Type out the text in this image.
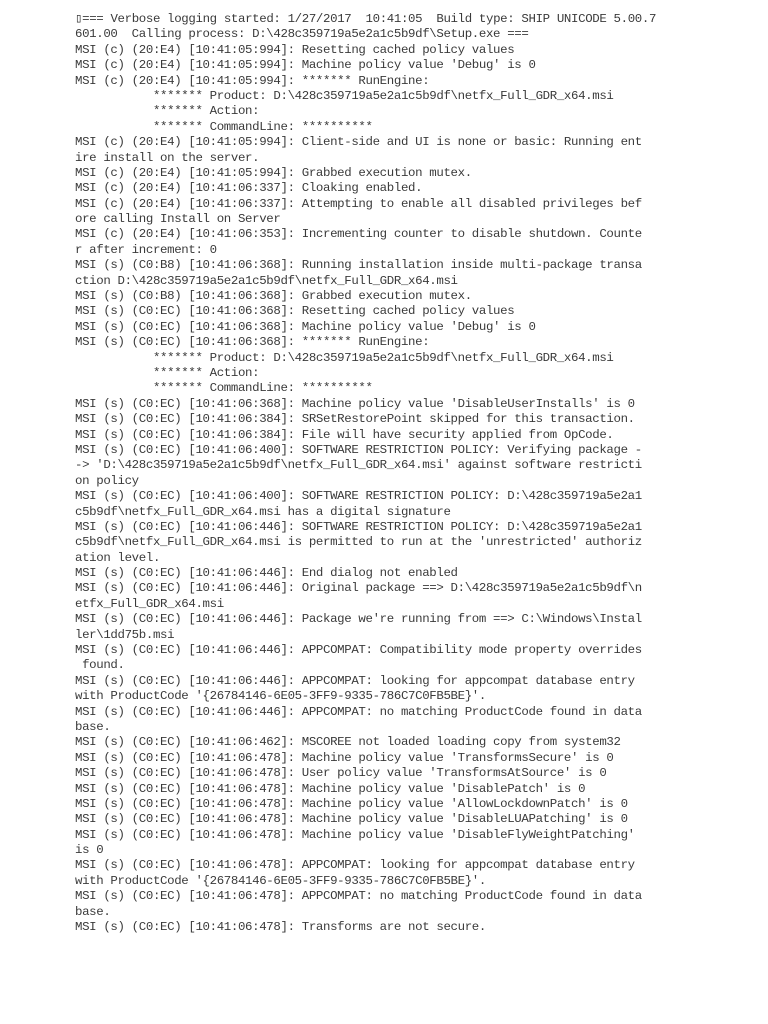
▯=== Verbose logging started: 1/27/2017  10:41:05  Build type: SHIP UNICODE 5.00.7
601.00  Calling process: D:\428c359719a5e2a1c5b9df\Setup.exe ===
MSI (c) (20:E4) [10:41:05:994]: Resetting cached policy values
MSI (c) (20:E4) [10:41:05:994]: Machine policy value 'Debug' is 0
MSI (c) (20:E4) [10:41:05:994]: ******* RunEngine:
******* Product: D:\428c359719a5e2a1c5b9df\netfx_Full_GDR_x64.msi
******* Action:
******* CommandLine: **********
MSI (c) (20:E4) [10:41:05:994]: Client-side and UI is none or basic: Running ent
ire install on the server.
MSI (c) (20:E4) [10:41:05:994]: Grabbed execution mutex.
MSI (c) (20:E4) [10:41:06:337]: Cloaking enabled.
MSI (c) (20:E4) [10:41:06:337]: Attempting to enable all disabled privileges bef
ore calling Install on Server
MSI (c) (20:E4) [10:41:06:353]: Incrementing counter to disable shutdown. Counte
r after increment: 0
MSI (s) (C0:B8) [10:41:06:368]: Running installation inside multi-package transa
ction D:\428c359719a5e2a1c5b9df\netfx_Full_GDR_x64.msi
MSI (s) (C0:B8) [10:41:06:368]: Grabbed execution mutex.
MSI (s) (C0:EC) [10:41:06:368]: Resetting cached policy values
MSI (s) (C0:EC) [10:41:06:368]: Machine policy value 'Debug' is 0
MSI (s) (C0:EC) [10:41:06:368]: ******* RunEngine:
******* Product: D:\428c359719a5e2a1c5b9df\netfx_Full_GDR_x64.msi
******* Action:
******* CommandLine: **********
MSI (s) (C0:EC) [10:41:06:368]: Machine policy value 'DisableUserInstalls' is 0
MSI (s) (C0:EC) [10:41:06:384]: SRSetRestorePoint skipped for this transaction.
MSI (s) (C0:EC) [10:41:06:384]: File will have security applied from OpCode.
MSI (s) (C0:EC) [10:41:06:400]: SOFTWARE RESTRICTION POLICY: Verifying package -
-> 'D:\428c359719a5e2a1c5b9df\netfx_Full_GDR_x64.msi' against software restricti
on policy
MSI (s) (C0:EC) [10:41:06:400]: SOFTWARE RESTRICTION POLICY: D:\428c359719a5e2a1
c5b9df\netfx_Full_GDR_x64.msi has a digital signature
MSI (s) (C0:EC) [10:41:06:446]: SOFTWARE RESTRICTION POLICY: D:\428c359719a5e2a1
c5b9df\netfx_Full_GDR_x64.msi is permitted to run at the 'unrestricted' authoriz
ation level.
MSI (s) (C0:EC) [10:41:06:446]: End dialog not enabled
MSI (s) (C0:EC) [10:41:06:446]: Original package ==> D:\428c359719a5e2a1c5b9df\n
etfx_Full_GDR_x64.msi
MSI (s) (C0:EC) [10:41:06:446]: Package we're running from ==> C:\Windows\Instal
ler\1dd75b.msi
MSI (s) (C0:EC) [10:41:06:446]: APPCOMPAT: Compatibility mode property overrides
found.
MSI (s) (C0:EC) [10:41:06:446]: APPCOMPAT: looking for appcompat database entry
with ProductCode '{26784146-6E05-3FF9-9335-786C7C0FB5BE}'.
MSI (s) (C0:EC) [10:41:06:446]: APPCOMPAT: no matching ProductCode found in data
base.
MSI (s) (C0:EC) [10:41:06:462]: MSCOREE not loaded loading copy from system32
MSI (s) (C0:EC) [10:41:06:478]: Machine policy value 'TransformsSecure' is 0
MSI (s) (C0:EC) [10:41:06:478]: User policy value 'TransformsAtSource' is 0
MSI (s) (C0:EC) [10:41:06:478]: Machine policy value 'DisablePatch' is 0
MSI (s) (C0:EC) [10:41:06:478]: Machine policy value 'AllowLockdownPatch' is 0
MSI (s) (C0:EC) [10:41:06:478]: Machine policy value 'DisableLUAPatching' is 0
MSI (s) (C0:EC) [10:41:06:478]: Machine policy value 'DisableFlyWeightPatching'
is 0
MSI (s) (C0:EC) [10:41:06:478]: APPCOMPAT: looking for appcompat database entry
with ProductCode '{26784146-6E05-3FF9-9335-786C7C0FB5BE}'.
MSI (s) (C0:EC) [10:41:06:478]: APPCOMPAT: no matching ProductCode found in data
base.
MSI (s) (C0:EC) [10:41:06:478]: Transforms are not secure.
